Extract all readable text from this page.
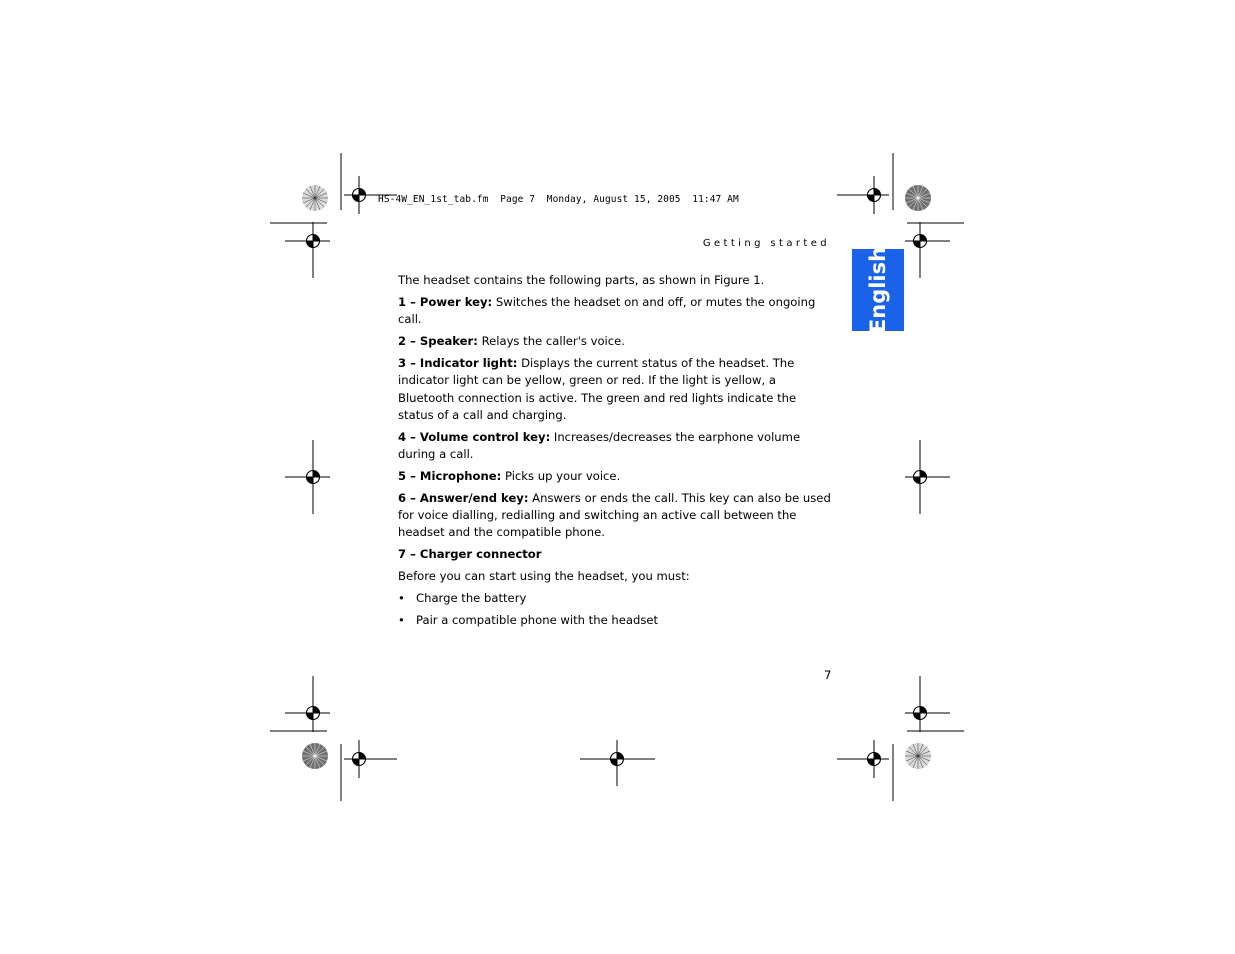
HS-4W_EN_1st_tab.fm  Page 7  Monday, August 15, 2005  11:47 AM
Getting started
English

The headset contains the following parts, as shown in Figure 1.

1 – Power key: Switches the headset on and off, or mutes the ongoing call.

2 – Speaker: Relays the caller's voice.

3 – Indicator light: Displays the current status of the headset. The indicator light can be yellow, green or red. If the light is yellow, a Bluetooth connection is active. The green and red lights indicate the status of a call and charging.

4 – Volume control key: Increases/decreases the earphone volume during a call.

5 – Microphone: Picks up your voice.

6 – Answer/end key: Answers or ends the call. This key can also be used for voice dialling, redialling and switching an active call between the headset and the compatible phone.

7 – Charger connector

Before you can start using the headset, you must:

• Charge the battery

• Pair a compatible phone with the headset

7
